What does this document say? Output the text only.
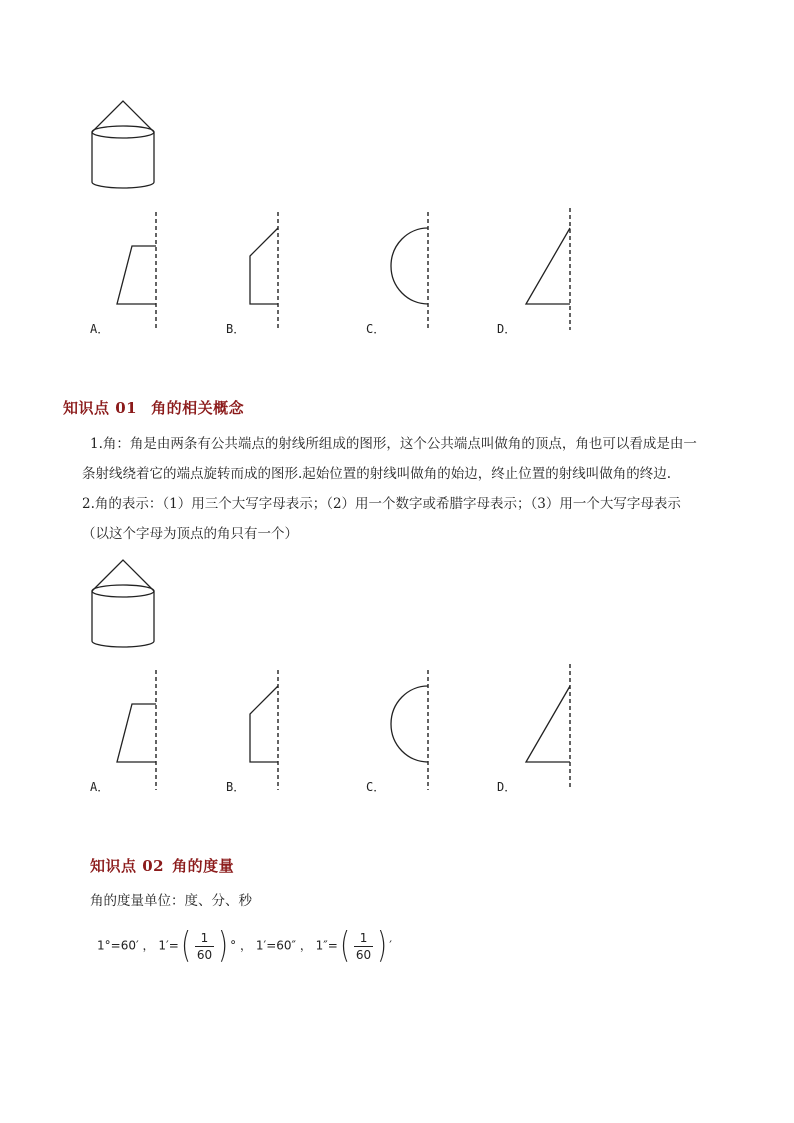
A．	B．	C．	D．
知识点 01 角的相关概念
1.角：角是由两条有公共端点的射线所组成的图形，这个公共端点叫做角的顶点，角也可以看成是由一
条射线绕着它的端点旋转而成的图形.起始位置的射线叫做角的始边，终止位置的射线叫做角的终边.
2.角的表示：（1）用三个大写字母表示；（2）用一个数字或希腊字母表示；（3）用一个大写字母表示
（以这个字母为顶点的角只有一个）
A．	B．	C．	D．
知识点 02 角的度量
角的度量单位：度、分、秒
1°=60′ ， $1'=( \frac{1}{60}$ ) ° ， 1′=60″ ， $1''=( \frac{1}{60}$ ) ′
